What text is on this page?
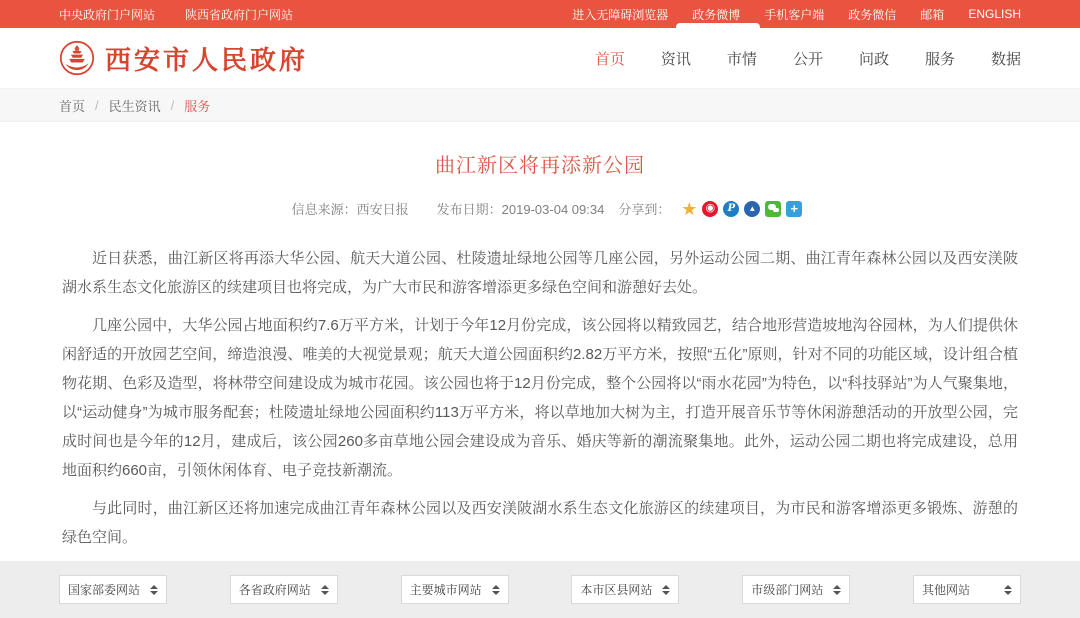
中央政府门户网站	陕西省政府门户网站	进入无障碍浏览器 政务微博 手机客户端 政务微信 邮箱 ENGLISH
西安市人民政府	首页 资讯 市情 公开 问政 服务 数据
首页 / 民生资讯 / 服务
曲江新区将再添新公园
信息来源：西安日报 发布日期：2019-03-04 09:34 分享到： ★ ◉	P	▲	+

近日获悉，曲江新区将再添大华公园、航天大道公园、杜陵遗址绿地公园等几座公园，另外运动公园二期、曲江青年森林公园以及西安渼陂湖水系生态文化旅游区的续建项目也将完成，为广大市民和游客增添更多绿色空间和游憩好去处。

几座公园中，大华公园占地面积约7.6万平方米，计划于今年12月份完成，该公园将以精致园艺，结合地形营造坡地沟谷园林，为人们提供休闲舒适的开放园艺空间，缔造浪漫、唯美的大视觉景观；航天大道公园面积约2.82万平方米，按照“五化”原则，针对不同的功能区域，设计组合植物花期、色彩及造型，将林带空间建设成为城市花园。该公园也将于12月份完成，整个公园将以“雨水花园”为特色，以“科技驿站”为人气聚集地，以“运动健身”为城市服务配套；杜陵遗址绿地公园面积约113万平方米，将以草地加大树为主，打造开展音乐节等休闲游憩活动的开放型公园，完成时间也是今年的12月，建成后，该公园260多亩草地公园会建设成为音乐、婚庆等新的潮流聚集地。此外，运动公园二期也将完成建设，总用地面积约660亩，引领休闲体育、电子竞技新潮流。

与此同时，曲江新区还将加速完成曲江青年森林公园以及西安渼陂湖水系生态文化旅游区的续建项目，为市民和游客增添更多锻炼、游憩的绿色空间。

国家部委网站	各省政府网站	主要城市网站	本市区县网站	市级部门网站	其他网站
